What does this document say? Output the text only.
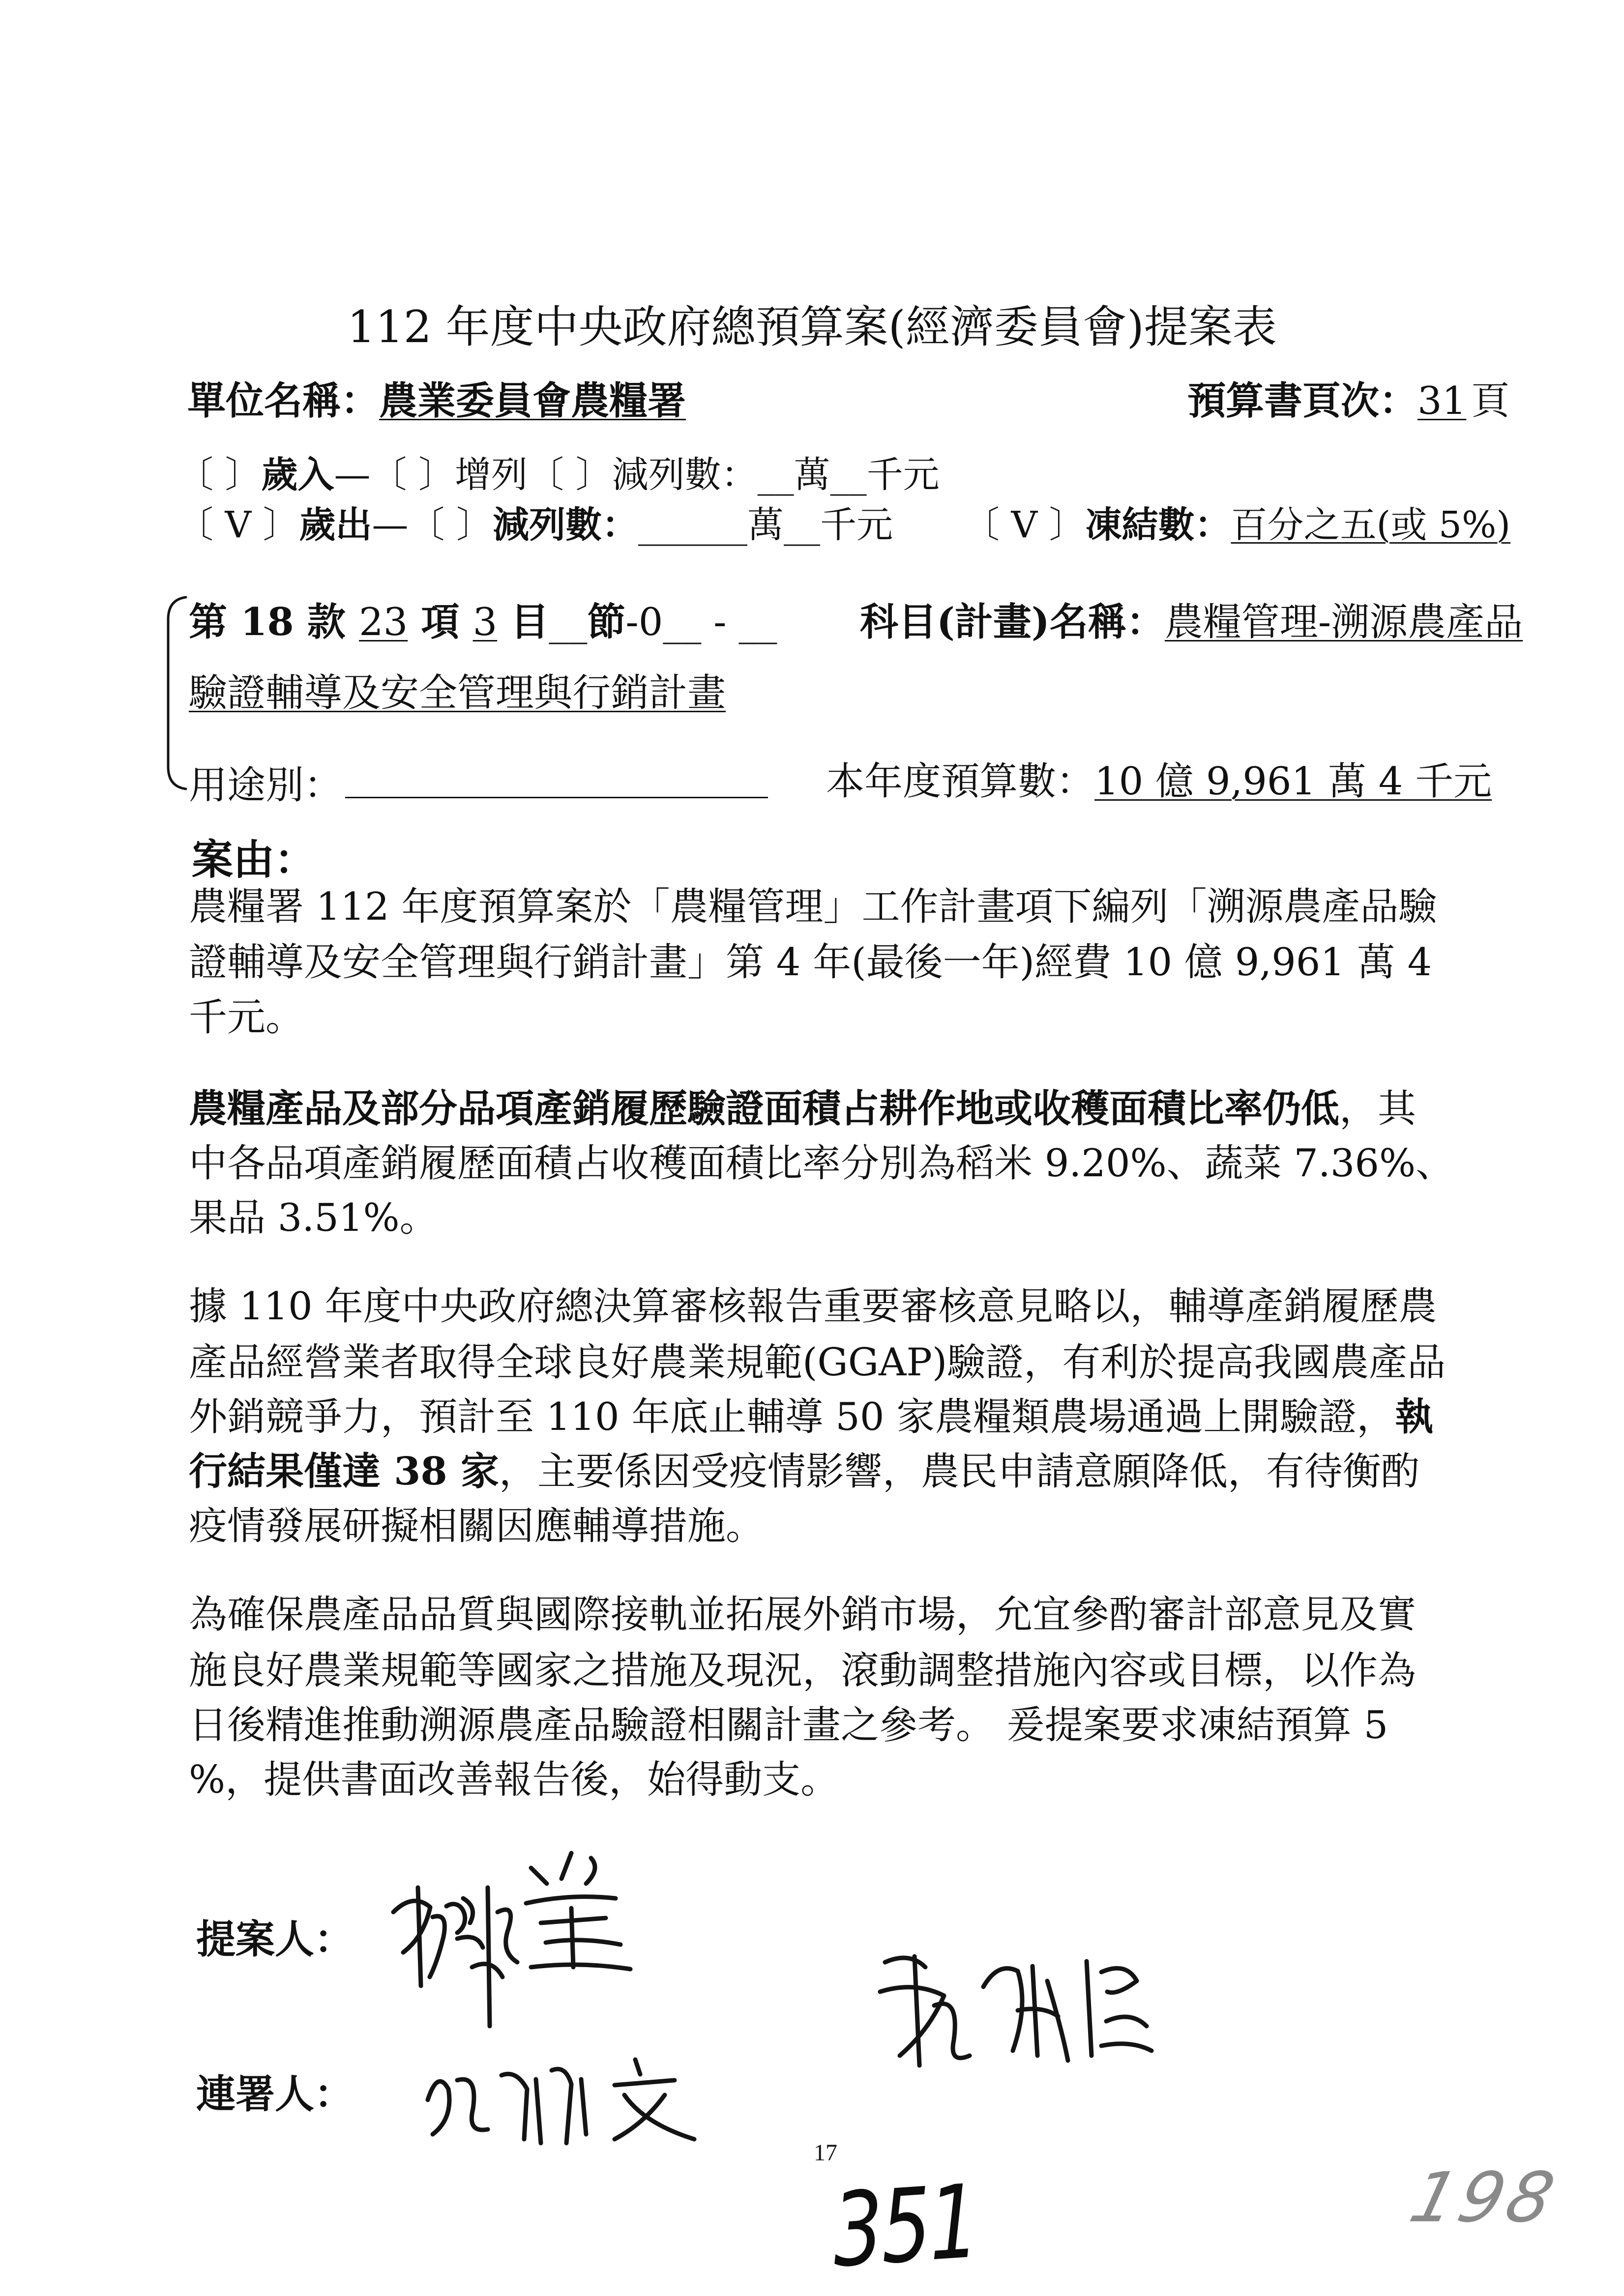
112 年度中央政府總預算案(經濟委員會)提案表
單位名稱： 農業委員會農糧署	預算書頁次： 31 頁
〔 〕 歲入 —〔 〕增列〔 〕減列數：__萬__千元
〔 V 〕 歲出 —〔 〕 減列數： ______萬__千元 〔 V 〕 凍結數： 百分之五(或 5%)
第 18 款 23 項 3 目 __ 節 -0__ - __ 科目(計畫)名稱： 農糧管理-溯源農產品
驗證輔導及安全管理與行銷計畫
用途別：	本年度預算數： 10 億 9,961 萬 4 千元
案由：
農糧署 112 年度預算案於「農糧管理」工作計畫項下編列「溯源農產品驗
證輔導及安全管理與行銷計畫」第 4 年(最後一年)經費 10 億 9,961 萬 4
千元。
農糧產品及部分品項產銷履歷驗證面積占耕作地或收穫面積比率仍低 ，其
中各品項產銷履歷面積占收穫面積比率分別為稻米 9.20%、蔬菜 7.36%、
果品 3.51%。
據 110 年度中央政府總決算審核報告重要審核意見略以，輔導產銷履歷農
產品經營業者取得全球良好農業規範(GGAP)驗證，有利於提高我國農產品
外銷競爭力，預計至 110 年底止輔導 50 家農糧類農場通過上開驗證， 執
行結果僅達 38 家 ，主要係因受疫情影響，農民申請意願降低，有待衡酌
疫情發展研擬相關因應輔導措施。
為確保農產品品質與國際接軌並拓展外銷市場，允宜參酌審計部意見及實
施良好農業規範等國家之措施及現況，滾動調整措施內容或目標，以作為
日後精進推動溯源農產品驗證相關計畫之參考。 爰提案要求凍結預算 5
%，提供書面改善報告後，始得動支。
提案人：
連署人：
17
351	198
